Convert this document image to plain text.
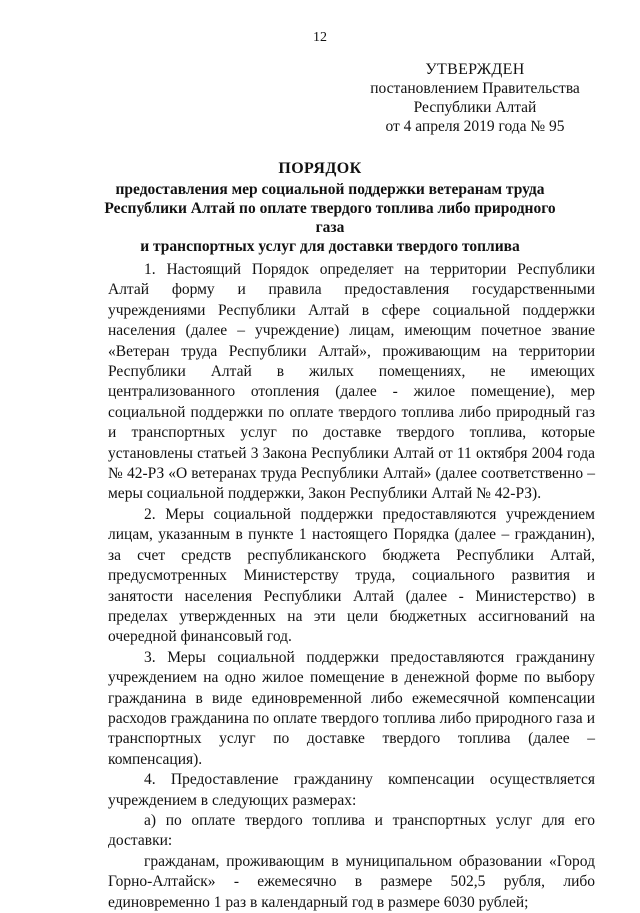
12
УТВЕРЖДЕН
постановлением Правительства
Республики Алтай
от 4 апреля 2019 года № 95
ПОРЯДОК
предоставления мер социальной поддержки ветеранам труда
Республики Алтай по оплате твердого топлива либо природного газа
и транспортных услуг для доставки твердого топлива

1. Настоящий Порядок определяет на территории Республики Алтай форму и правила предоставления государственными учреждениями Республики Алтай в сфере социальной поддержки населения (далее – учреждение) лицам, имеющим почетное звание «Ветеран труда Республики Алтай», проживающим на территории Республики Алтай в жилых помещениях, не имеющих централизованного отопления (далее - жилое помещение), мер социальной поддержки по оплате твердого топлива либо природный газ и транспортных услуг по доставке твердого топлива, которые установлены статьей 3 Закона Республики Алтай от 11 октября 2004 года № 42-РЗ «О ветеранах труда Республики Алтай» (далее соответственно – меры социальной поддержки, Закон Республики Алтай № 42-РЗ).

2. Меры социальной поддержки предоставляются учреждением лицам, указанным в пункте 1 настоящего Порядка (далее – гражданин), за счет средств республиканского бюджета Республики Алтай, предусмотренных Министерству труда, социального развития и занятости населения Республики Алтай (далее - Министерство) в пределах утвержденных на эти цели бюджетных ассигнований на очередной финансовый год.

3. Меры социальной поддержки предоставляются гражданину учреждением на одно жилое помещение в денежной форме по выбору гражданина в виде единовременной либо ежемесячной компенсации расходов гражданина по оплате твердого топлива либо природного газа и транспортных услуг по доставке твердого топлива (далее – компенсация).

4. Предоставление гражданину компенсации осуществляется учреждением в следующих размерах:

а) по оплате твердого топлива и транспортных услуг для его доставки:

гражданам, проживающим в муниципальном образовании «Город Горно-Алтайск» - ежемесячно в размере 502,5 рубля, либо единовременно 1 раз в календарный год в размере 6030 рублей;
